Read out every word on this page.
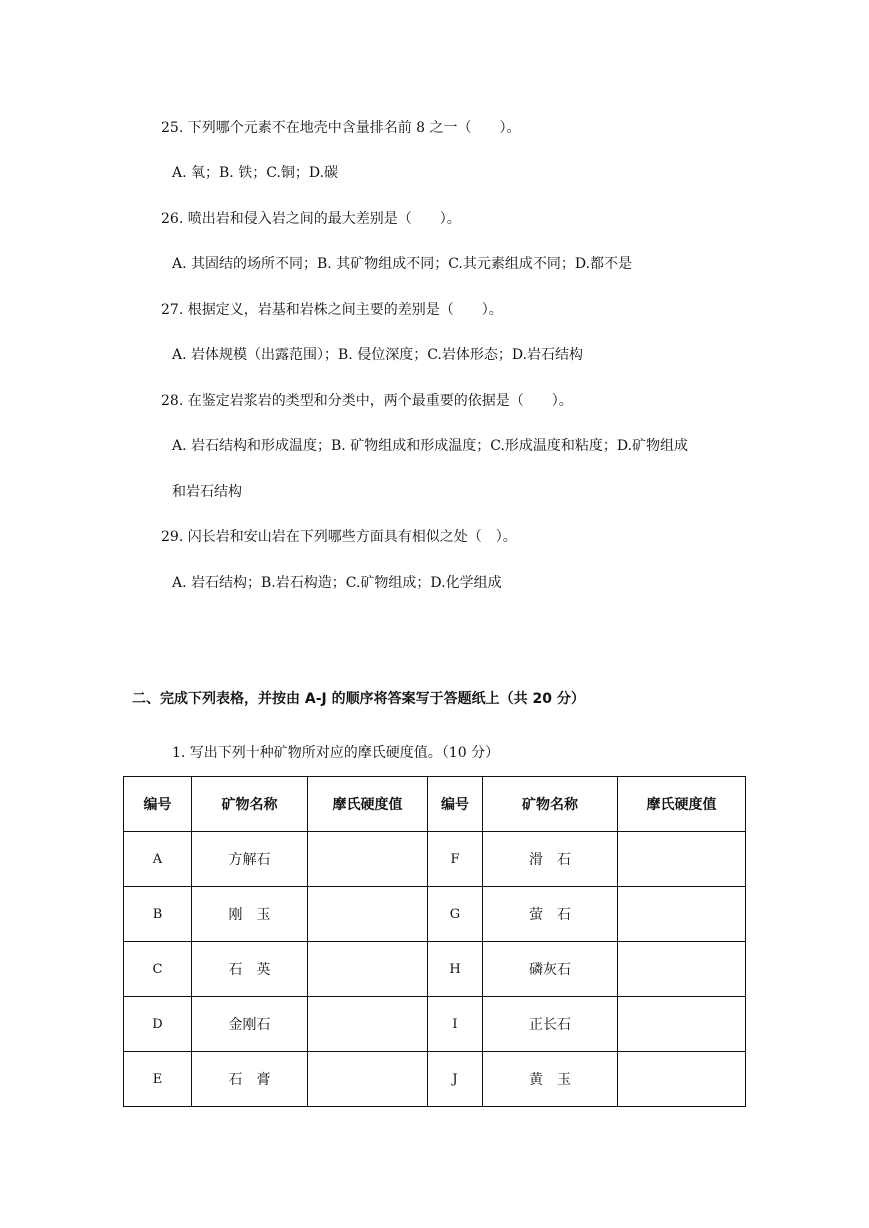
25. 下列哪个元素不在地壳中含量排名前 8 之一（　　）。
A. 氧；B. 铁；C.铜；D.碳
26. 喷出岩和侵入岩之间的最大差别是（　　）。
A. 其固结的场所不同；B. 其矿物组成不同；C.其元素组成不同；D.都不是
27. 根据定义，岩基和岩株之间主要的差别是（　　）。
A. 岩体规模（出露范围）；B. 侵位深度；C.岩体形态；D.岩石结构
28. 在鉴定岩浆岩的类型和分类中，两个最重要的依据是（　　）。
A. 岩石结构和形成温度；B. 矿物组成和形成温度；C.形成温度和粘度；D.矿物组成
和岩石结构
29. 闪长岩和安山岩在下列哪些方面具有相似之处（　）。
A. 岩石结构；B.岩石构造；C.矿物组成；D.化学组成
二、完成下列表格，并按由 A-J 的顺序将答案写于答题纸上（共 20 分）
1. 写出下列十种矿物所对应的摩氏硬度值。（10 分）
编号	矿物名称	摩氏硬度值	编号	矿物名称	摩氏硬度值
A	方解石		F	滑　石	
B	刚　玉		G	萤　石	
C	石　英		H	磷灰石	
D	金刚石		I	正长石	
E	石　膏		J	黄　玉	
